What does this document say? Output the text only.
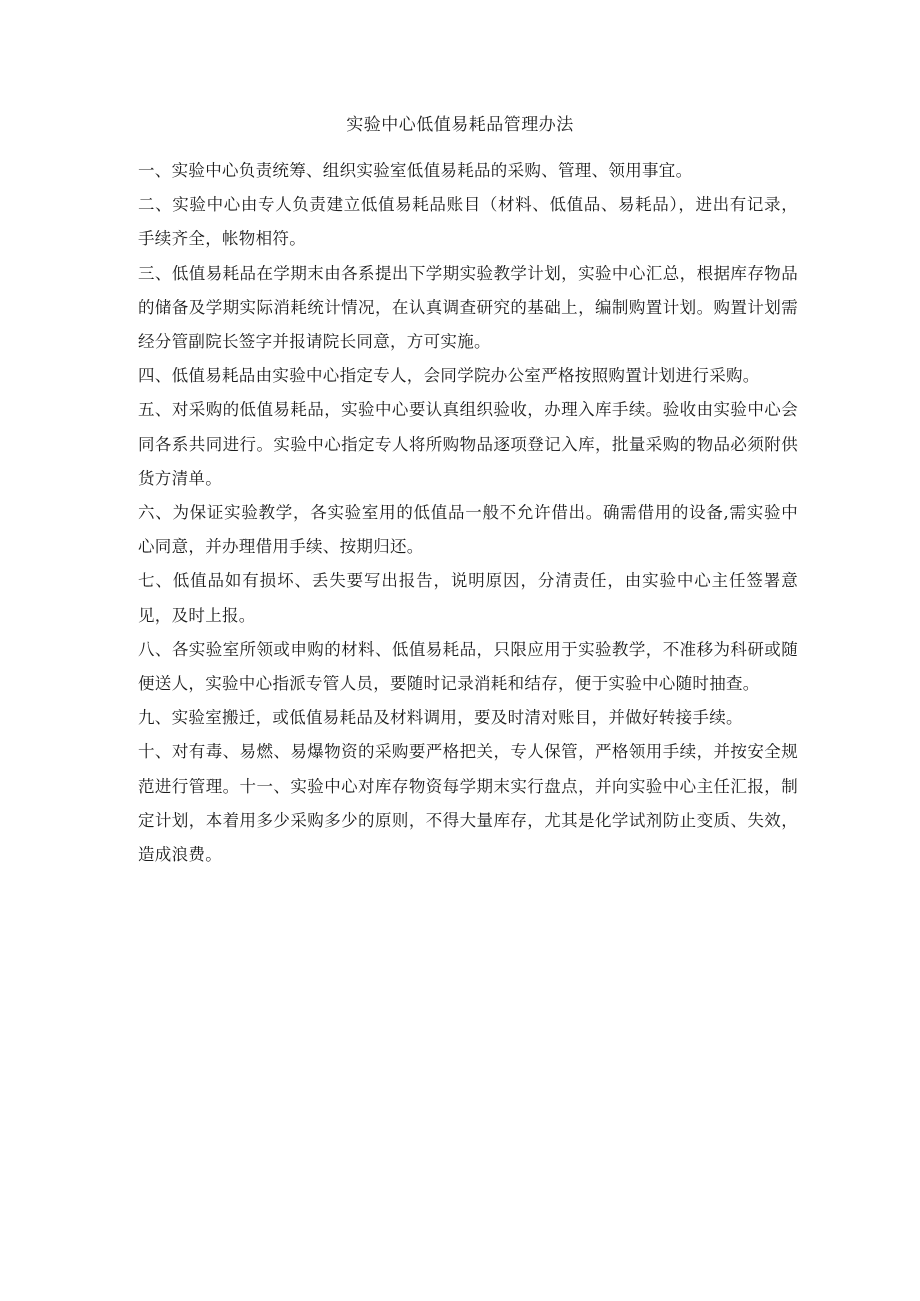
实验中心低值易耗品管理办法

一、实验中心负责统筹、组织实验室低值易耗品的采购、管理、领用事宜。

二、实验中心由专人负责建立低值易耗品账目（材料、低值品、易耗品），进出有记录，手续齐全，帐物相符。

三、低值易耗品在学期末由各系提出下学期实验教学计划，实验中心汇总，根据库存物品的储备及学期实际消耗统计情况，在认真调查研究的基础上，编制购置计划。购置计划需经分管副院长签字并报请院长同意，方可实施。

四、低值易耗品由实验中心指定专人，会同学院办公室严格按照购置计划进行采购。

五、对采购的低值易耗品，实验中心要认真组织验收，办理入库手续。验收由实验中心会同各系共同进行。实验中心指定专人将所购物品逐项登记入库，批量采购的物品必须附供货方清单。

六、为保证实验教学，各实验室用的低值品一般不允许借出。确需借用的设备,需实验中心同意，并办理借用手续、按期归还。

七、低值品如有损坏、丢失要写出报告，说明原因，分清责任，由实验中心主任签署意见，及时上报。

八、各实验室所领或申购的材料、低值易耗品，只限应用于实验教学，不准移为科研或随便送人，实验中心指派专管人员，要随时记录消耗和结存，便于实验中心随时抽查。

九、实验室搬迁，或低值易耗品及材料调用，要及时清对账目，并做好转接手续。

十、对有毒、易燃、易爆物资的采购要严格把关，专人保管，严格领用手续，并按安全规范进行管理。十一、实验中心对库存物资每学期末实行盘点，并向实验中心主任汇报，制定计划，本着用多少采购多少的原则，不得大量库存，尤其是化学试剂防止变质、失效，造成浪费。
